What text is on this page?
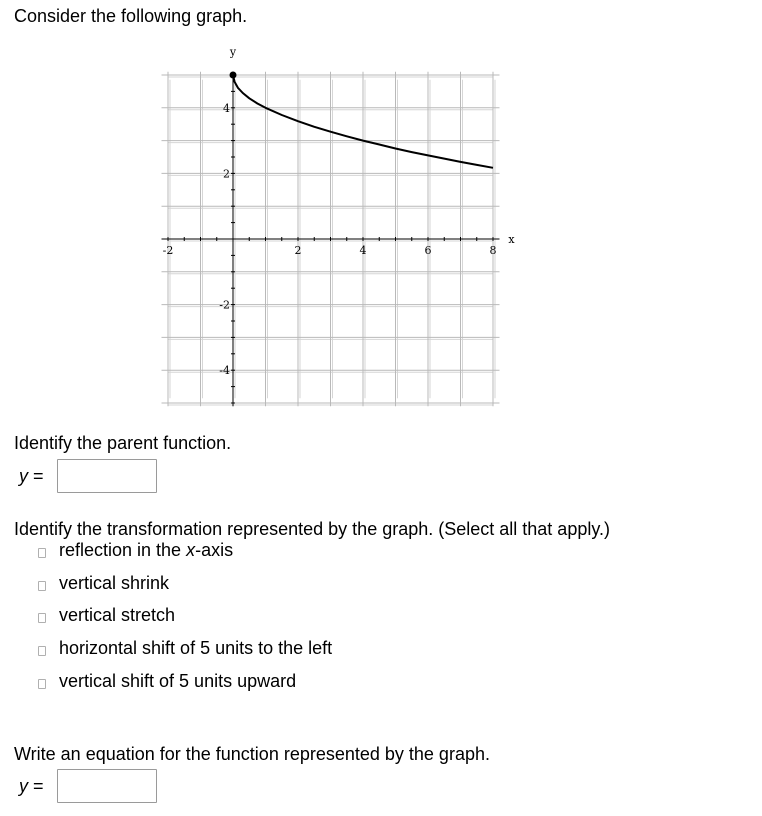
Consider the following graph.

-2	2	4	6	8
4
2
-2
-4
x
y

Identify the parent function.

y =

Identify the transformation represented by the graph. (Select all that apply.)

reflection in the x-axis
vertical shrink
vertical stretch
horizontal shift of 5 units to the left
vertical shift of 5 units upward

Write an equation for the function represented by the graph.

y =
